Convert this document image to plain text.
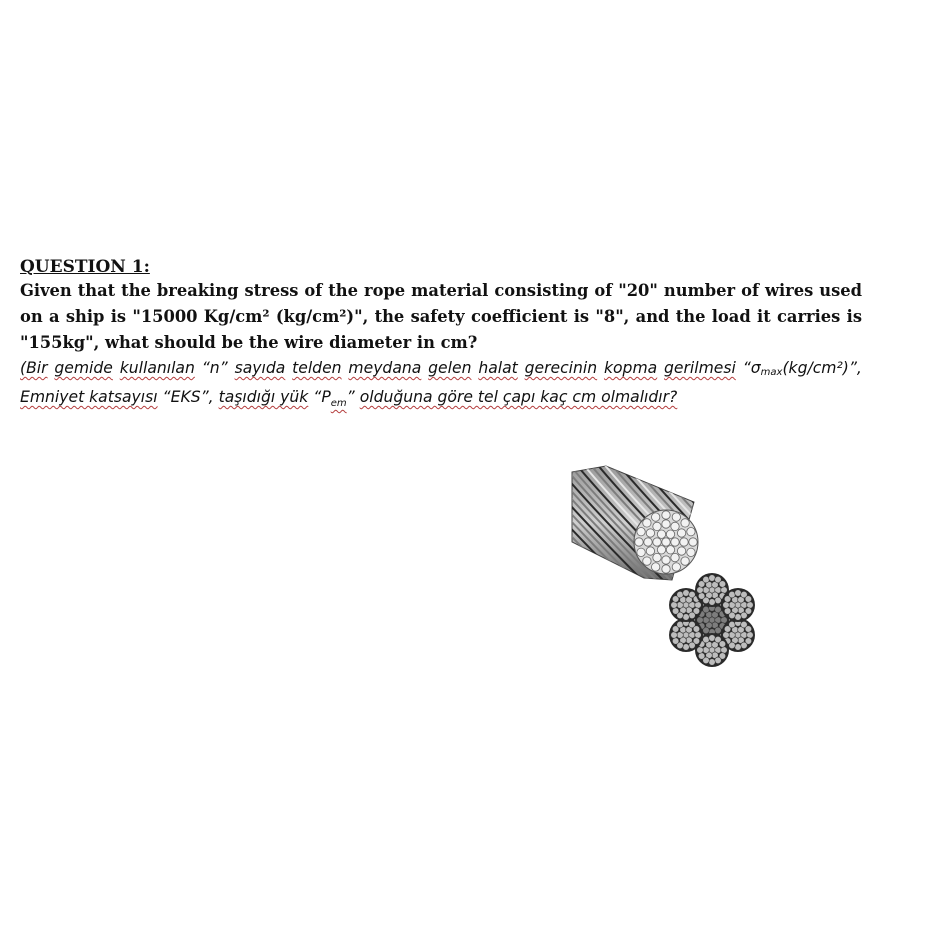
QUESTION 1:

Given that the breaking stress of the rope material consisting of "20" number of wires used on a ship is "15000 Kg/cm² (kg/cm²)", the safety coefficient is "8", and the load it carries is "155kg", what should be the wire diameter in cm?

(Bir gemide kullanılan “n” sayıda telden meydana gelen halat gerecinin kopma gerilmesi “σmax(kg/cm²)”, Emniyet katsayısı “EKS”, taşıdığı yük “$P_{em}$” olduğuna göre tel çapı kaç cm olmalıdır?
